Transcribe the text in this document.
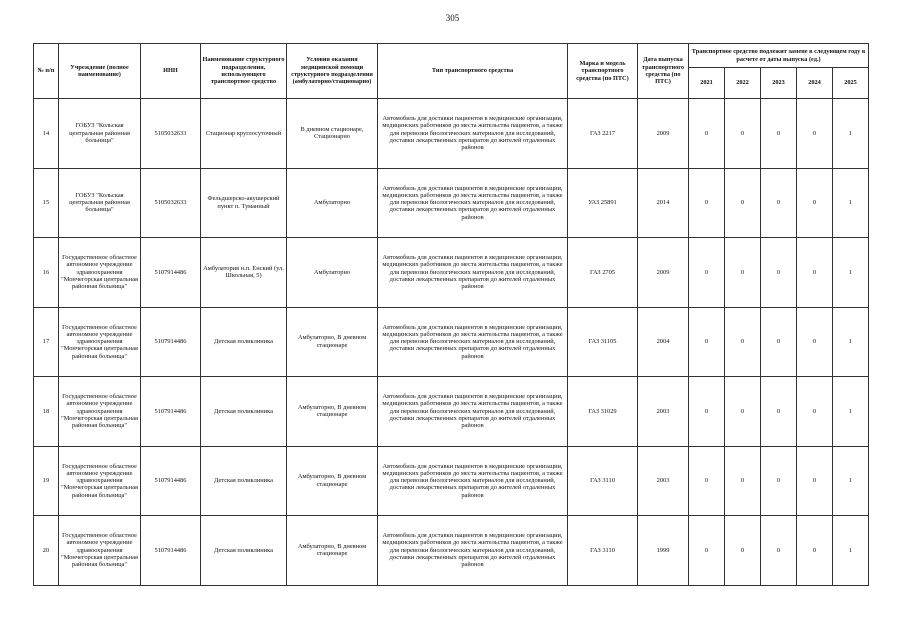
305
№ п/п	Учреждение (полное наименование)	ИНН	Наименование структурного подразделения, использующего транспортное средство	Условия оказания медицинской помощи структурного подразделения (амбулаторно/стационарно)	Тип транспортного средства	Марка и модель транспортного средства (по ПТС)	Дата выпуска транспортного средства (по ПТС)	Транспортное средство подлежит замене в следующем году в расчете от даты выпуска (ед.)				
								2021	2022	2023	2024	2025
14	ГОБУЗ "Кольская центральная районная больница"	5105032633	Стационар круглосуточный	В дневном стационаре, Стационарно	Автомобиль для доставки пациентов в медицинские организации, медицинских работников до места жительства пациентов, а также для перевозки биологических материалов для исследований, доставки лекарственных препаратов до жителей отдаленных районов	ГАЗ 2217	2009	0	0	0	0	1
15	ГОБУЗ "Кольская центральная районная больница"	5105032633	Фельдшерско-акушерский пункт п. Туманный	Амбулаторно	Автомобиль для доставки пациентов в медицинские организации, медицинских работников до места жительства пациентов, а также для перевозки биологических материалов для исследований, доставки лекарственных препаратов до жителей отдаленных районов	УАЗ 25891	2014	0	0	0	0	1
16	Государственное областное автономное учреждение здравоохранения "Мончегорская центральная районная больница"	5107914486	Амбулатория н.п. Енский (ул. Школьная, 5)	Амбулаторно	Автомобиль для доставки пациентов в медицинские организации, медицинских работников до места жительства пациентов, а также для перевозки биологических материалов для исследований, доставки лекарственных препаратов до жителей отдаленных районов	ГАЗ 2705	2009	0	0	0	0	1
17	Государственное областное автономное учреждение здравоохранения "Мончегорская центральная районная больница"	5107914486	Детская поликлиника	Амбулаторно, В дневном стационаре	Автомобиль для доставки пациентов в медицинские организации, медицинских работников до места жительства пациентов, а также для перевозки биологических материалов для исследований, доставки лекарственных препаратов до жителей отдаленных районов	ГАЗ 31105	2004	0	0	0	0	1
18	Государственное областное автономное учреждение здравоохранения "Мончегорская центральная районная больница"	5107914486	Детская поликлиника	Амбулаторно, В дневном стационаре	Автомобиль для доставки пациентов в медицинские организации, медицинских работников до места жительства пациентов, а также для перевозки биологических материалов для исследований, доставки лекарственных препаратов до жителей отдаленных районов	ГАЗ 31029	2003	0	0	0	0	1
19	Государственное областное автономное учреждение здравоохранения "Мончегорская центральная районная больница"	5107914486	Детская поликлиника	Амбулаторно, В дневном стационаре	Автомобиль для доставки пациентов в медицинские организации, медицинских работников до места жительства пациентов, а также для перевозки биологических материалов для исследований, доставки лекарственных препаратов до жителей отдаленных районов	ГАЗ 3110	2003	0	0	0	0	1
20	Государственное областное автономное учреждение здравоохранения "Мончегорская центральная районная больница"	5107914486	Детская поликлиника	Амбулаторно, В дневном стационаре	Автомобиль для доставки пациентов в медицинские организации, медицинских работников до места жительства пациентов, а также для перевозки биологических материалов для исследований, доставки лекарственных препаратов до жителей отдаленных районов	ГАЗ 3110	1999	0	0	0	0	1
